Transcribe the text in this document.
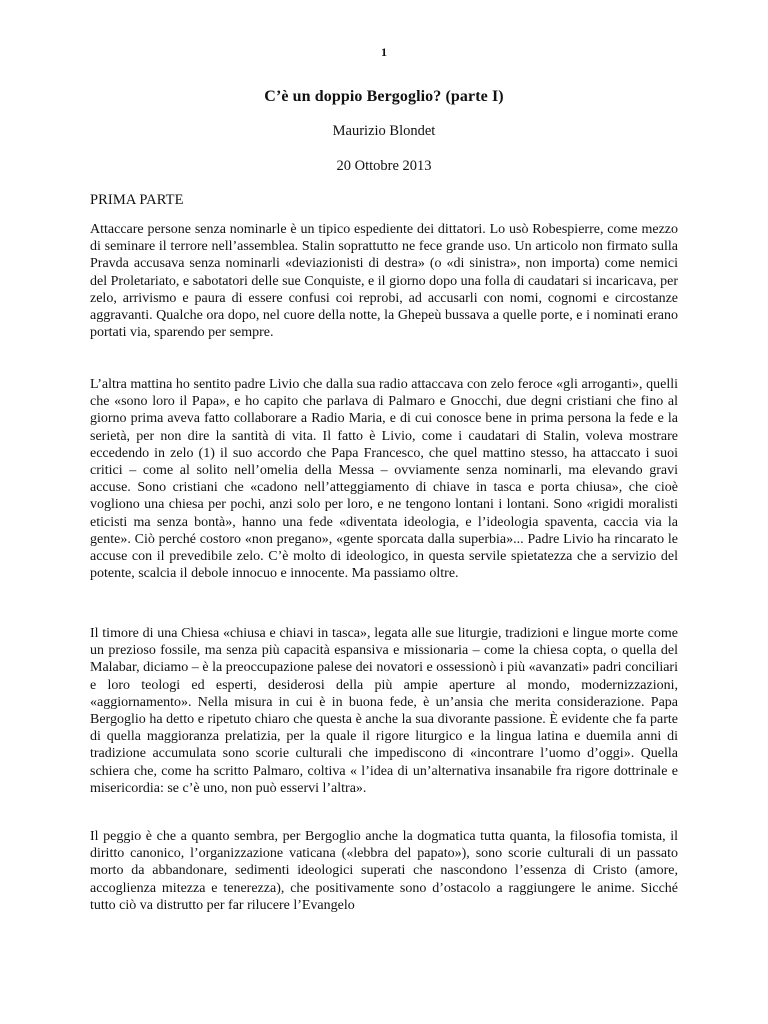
1
C’è un doppio Bergoglio? (parte I)
Maurizio Blondet
20 Ottobre 2013
PRIMA PARTE

Attaccare persone senza nominarle è un tipico espediente dei dittatori. Lo usò Robespierre, come mezzo di seminare il terrore nell’assemblea. Stalin soprattutto ne fece grande uso. Un articolo non firmato sulla Pravda accusava senza nominarli «deviazionisti di destra» (o «di sinistra», non importa) come nemici del Proletariato, e sabotatori delle sue Conquiste, e il giorno dopo una folla di caudatari si incaricava, per zelo, arrivismo e paura di essere confusi coi reprobi, ad accusarli con nomi, cognomi e circostanze aggravanti. Qualche ora dopo, nel cuore della notte, la Ghepeù bussava a quelle porte, e i nominati erano portati via, sparendo per sempre.

L’altra mattina ho sentito padre Livio che dalla sua radio attaccava con zelo feroce «gli arroganti», quelli che «sono loro il Papa», e ho capito che parlava di Palmaro e Gnocchi, due degni cristiani che fino al giorno prima aveva fatto collaborare a Radio Maria, e di cui conosce bene in prima persona la fede e la serietà, per non dire la santità di vita. Il fatto è Livio, come i caudatari di Stalin, voleva mostrare eccedendo in zelo (1) il suo accordo che Papa Francesco, che quel mattino stesso, ha attaccato i suoi critici – come al solito nell’omelia della Messa – ovviamente senza nominarli, ma elevando gravi accuse. Sono cristiani che «cadono nell’atteggiamento di chiave in tasca e porta chiusa», che cioè vogliono una chiesa per pochi, anzi solo per loro, e ne tengono lontani i lontani. Sono «rigidi moralisti eticisti ma senza bontà», hanno una fede «diventata ideologia, e l’ideologia spaventa, caccia via la gente». Ciò perché costoro «non pregano», «gente sporcata dalla superbia»... Padre Livio ha rincarato le accuse con il prevedibile zelo. C’è molto di ideologico, in questa servile spietatezza che a servizio del potente, scalcia il debole innocuo e innocente. Ma passiamo oltre.

Il timore di una Chiesa «chiusa e chiavi in tasca», legata alle sue liturgie, tradizioni e lingue morte come un prezioso fossile, ma senza più capacità espansiva e missionaria – come la chiesa copta, o quella del Malabar, diciamo – è la preoccupazione palese dei novatori e ossessionò i più «avanzati» padri conciliari e loro teologi ed esperti, desiderosi della più ampie aperture al mondo, modernizzazioni, «aggiornamento». Nella misura in cui è in buona fede, è un’ansia che merita considerazione. Papa Bergoglio ha detto e ripetuto chiaro che questa è anche la sua divorante passione. È evidente che fa parte di quella maggioranza prelatizia, per la quale il rigore liturgico e la lingua latina e duemila anni di tradizione accumulata sono scorie culturali che impediscono di «incontrare l’uomo d’oggi». Quella schiera che, come ha scritto Palmaro, coltiva « l’idea di un’alternativa insanabile fra rigore dottrinale e misericordia: se c’è uno, non può esservi l’altra».

Il peggio è che a quanto sembra, per Bergoglio anche la dogmatica tutta quanta, la filosofia tomista, il diritto canonico, l’organizzazione vaticana («lebbra del papato»), sono scorie culturali di un passato morto da abbandonare, sedimenti ideologici superati che nascondono l’essenza di Cristo (amore, accoglienza mitezza e tenerezza), che positivamente sono d’ostacolo a raggiungere le anime. Sicché tutto ciò va distrutto per far rilucere l’Evangelo
